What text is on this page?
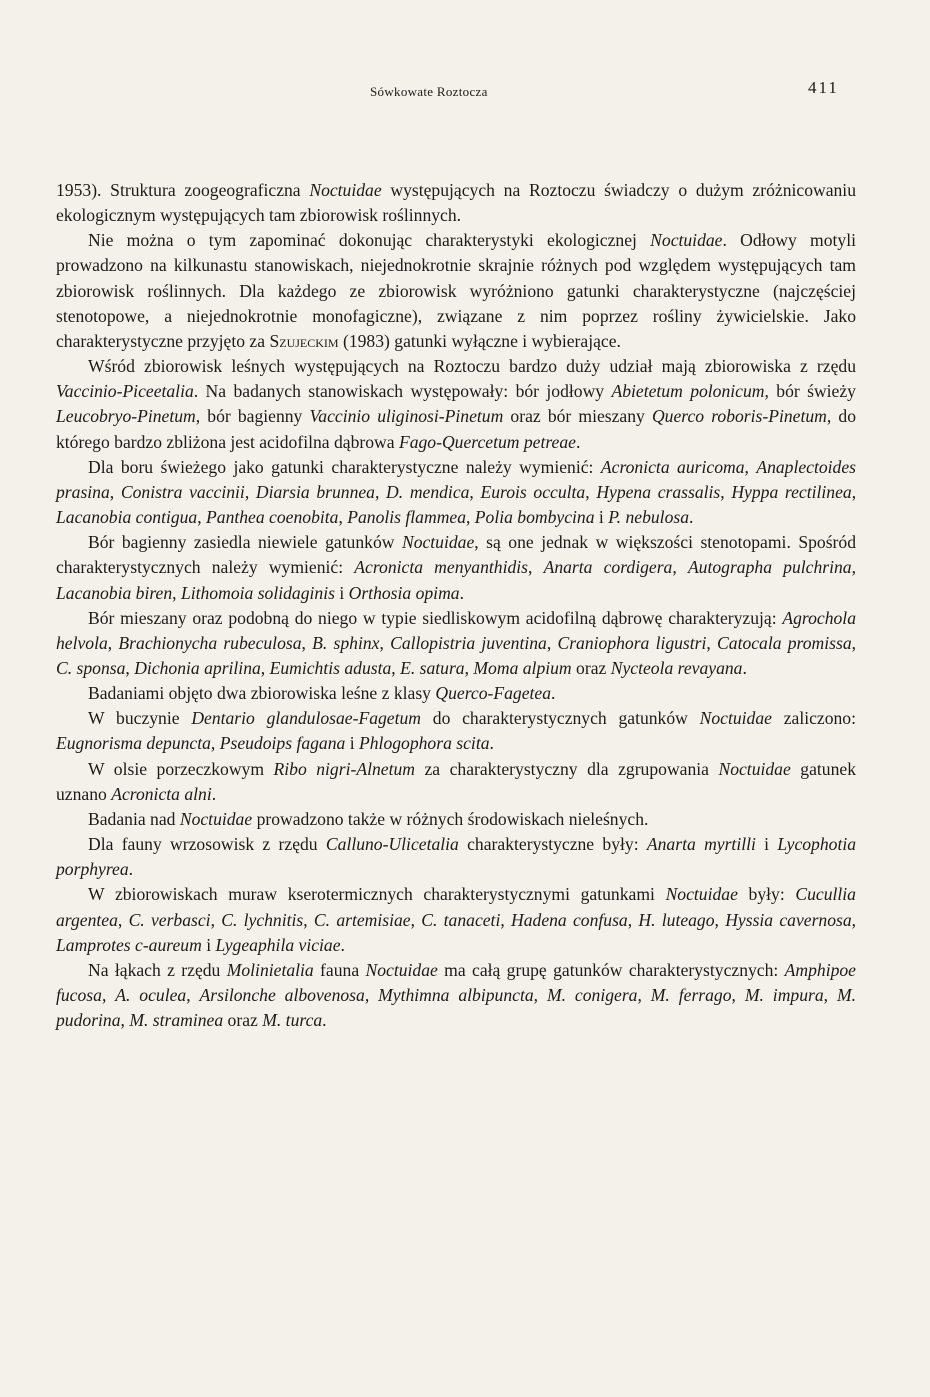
Sówkowate Roztocza	411

1953). Struktura zoogeograficzna Noctuidae występujących na Roztoczu świadczy o dużym zróżnicowaniu ekologicznym występujących tam zbiorowisk roślinnych.

Nie można o tym zapominać dokonując charakterystyki ekologicznej Noctuidae. Odłowy motyli prowadzono na kilkunastu stanowiskach, niejednokrotnie skrajnie różnych pod względem występujących tam zbiorowisk roślinnych. Dla każdego ze zbiorowisk wyróżniono gatunki charakterystyczne (najczęściej stenotopowe, a niejednokrotnie monofagiczne), związane z nim poprzez rośliny żywicielskie. Jako charakterystyczne przyjęto za Szujeckim (1983) gatunki wyłączne i wybierające.

Wśród zbiorowisk leśnych występujących na Roztoczu bardzo duży udział mają zbiorowiska z rzędu Vaccinio-Piceetalia. Na badanych stanowiskach występowały: bór jodłowy Abietetum polonicum, bór świeży Leucobryo-Pinetum, bór bagienny Vaccinio uliginosi-Pinetum oraz bór mieszany Querco roboris-Pinetum, do którego bardzo zbliżona jest acidofilna dąbrowa Fago-Quercetum petreae.

Dla boru świeżego jako gatunki charakterystyczne należy wymienić: Acronicta auricoma, Anaplectoides prasina, Conistra vaccinii, Diarsia brunnea, D. mendica, Eurois occulta, Hypena crassalis, Hyppa rectilinea, Lacanobia contigua, Panthea coenobita, Panolis flammea, Polia bombycina i P. nebulosa.

Bór bagienny zasiedla niewiele gatunków Noctuidae, są one jednak w większości stenotopami. Spośród charakterystycznych należy wymienić: Acronicta menyanthidis, Anarta cordigera, Autographa pulchrina, Lacanobia biren, Lithomoia solidaginis i Orthosia opima.

Bór mieszany oraz podobną do niego w typie siedliskowym acidofilną dąbrowę charakteryzują: Agrochola helvola, Brachionycha rubeculosa, B. sphinx, Callopistria juventina, Craniophora ligustri, Catocala promissa, C. sponsa, Dichonia aprilina, Eumichtis adusta, E. satura, Moma alpium oraz Nycteola revayana.

Badaniami objęto dwa zbiorowiska leśne z klasy Querco-Fagetea.

W buczynie Dentario glandulosae-Fagetum do charakterystycznych gatunków Noctuidae zaliczono: Eugnorisma depuncta, Pseudoips fagana i Phlogophora scita.

W olsie porzeczkowym Ribo nigri-Alnetum za charakterystyczny dla zgrupowania Noctuidae gatunek uznano Acronicta alni.

Badania nad Noctuidae prowadzono także w różnych środowiskach nieleśnych.

Dla fauny wrzosowisk z rzędu Calluno-Ulicetalia charakterystyczne były: Anarta myrtilli i Lycophotia porphyrea.

W zbiorowiskach muraw kserotermicznych charakterystycznymi gatunkami Noctuidae były: Cucullia argentea, C. verbasci, C. lychnitis, C. artemisiae, C. tanaceti, Hadena confusa, H. luteago, Hyssia cavernosa, Lamprotes c-aureum i Lygeaphila viciae.

Na łąkach z rzędu Molinietalia fauna Noctuidae ma całą grupę gatunków charakterystycznych: Amphipoe fucosa, A. oculea, Arsilonche albovenosa, Mythimna albipuncta, M. conigera, M. ferrago, M. impura, M. pudorina, M. straminea oraz M. turca.
